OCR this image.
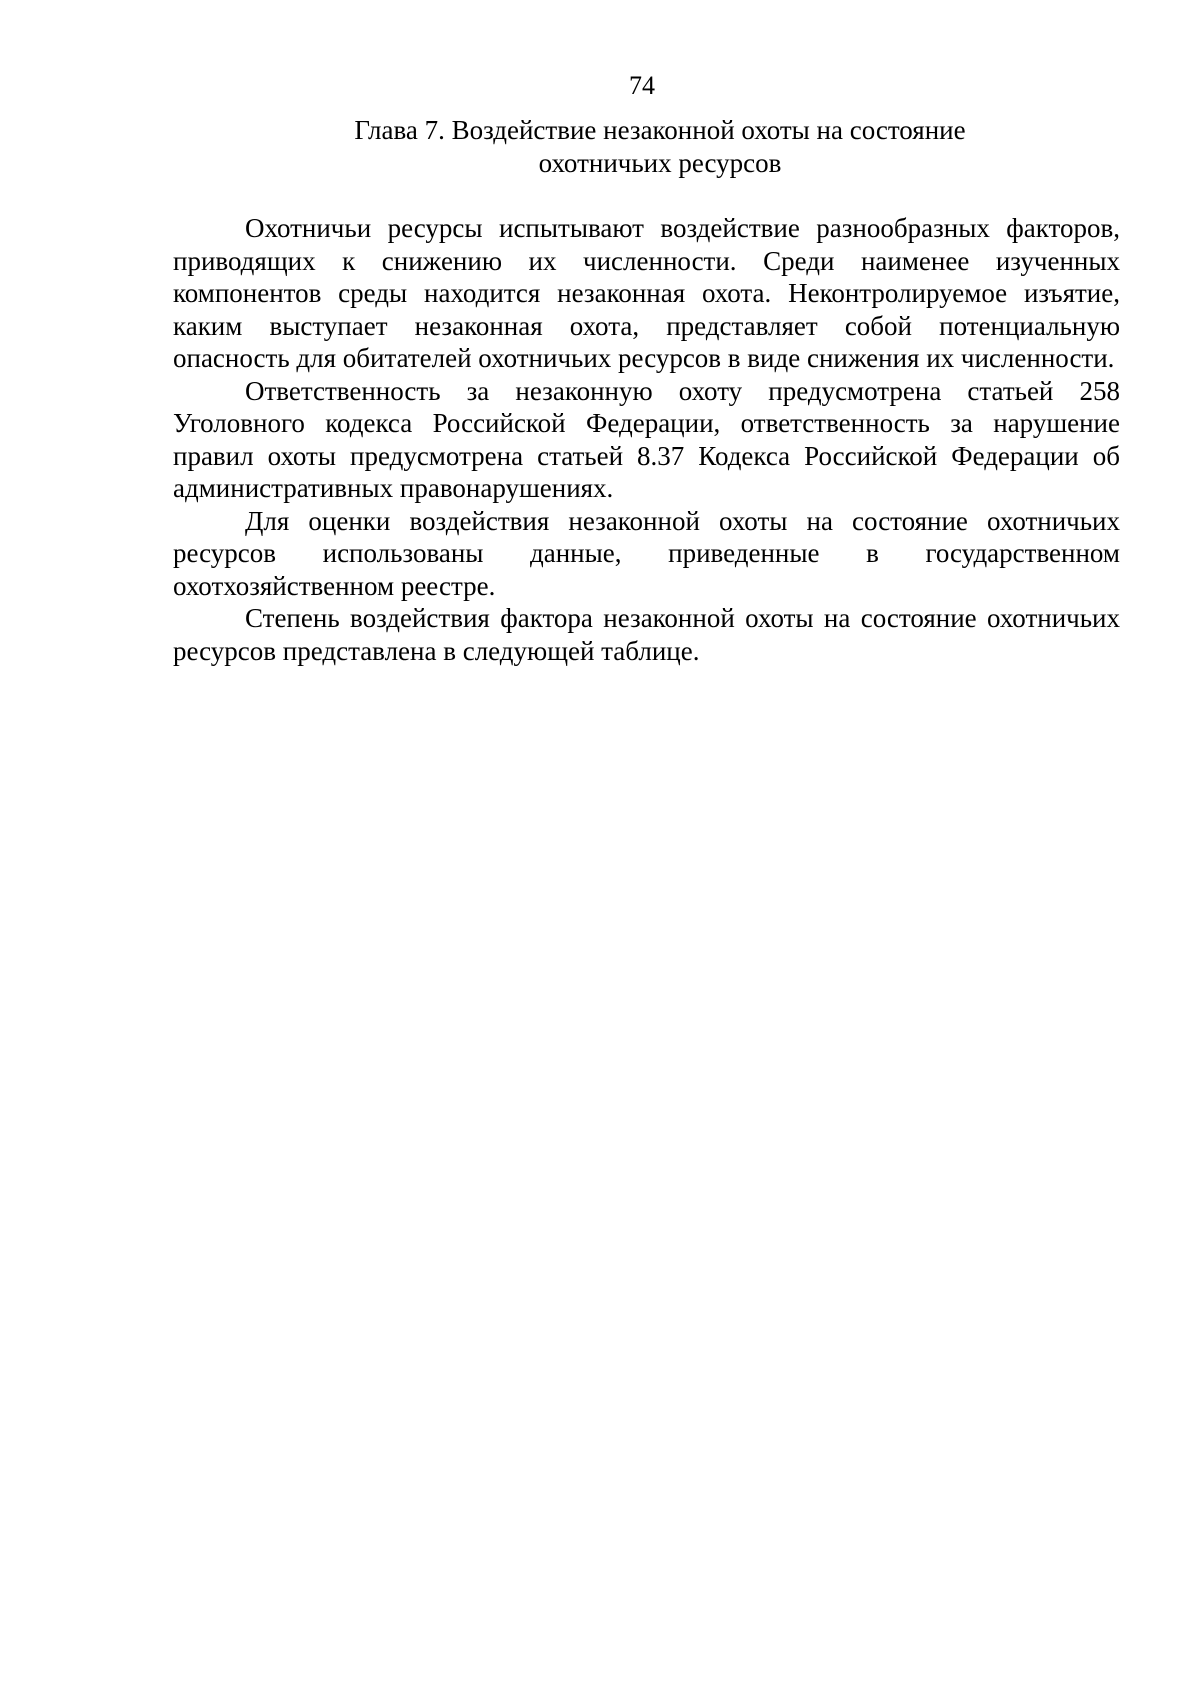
74
Глава 7. Воздействие незаконной охоты на состояние
охотничьих ресурсов

Охотничьи ресурсы испытывают воздействие разнообразных факторов, приводящих к снижению их численности. Среди наименее изученных компонентов среды находится незаконная охота. Неконтролируемое изъятие, каким выступает незаконная охота, представляет собой потенциальную опасность для обитателей охотничьих ресурсов в виде снижения их численности.

Ответственность за незаконную охоту предусмотрена статьей 258 Уголовного кодекса Российской Федерации, ответственность за нарушение правил охоты предусмотрена статьей 8.37 Кодекса Российской Федерации об административных правонарушениях.

Для оценки воздействия незаконной охоты на состояние охотничьих ресурсов использованы данные, приведенные в государственном охотхозяйственном реестре.

Степень воздействия фактора незаконной охоты на состояние охотничьих ресурсов представлена в следующей таблице.
